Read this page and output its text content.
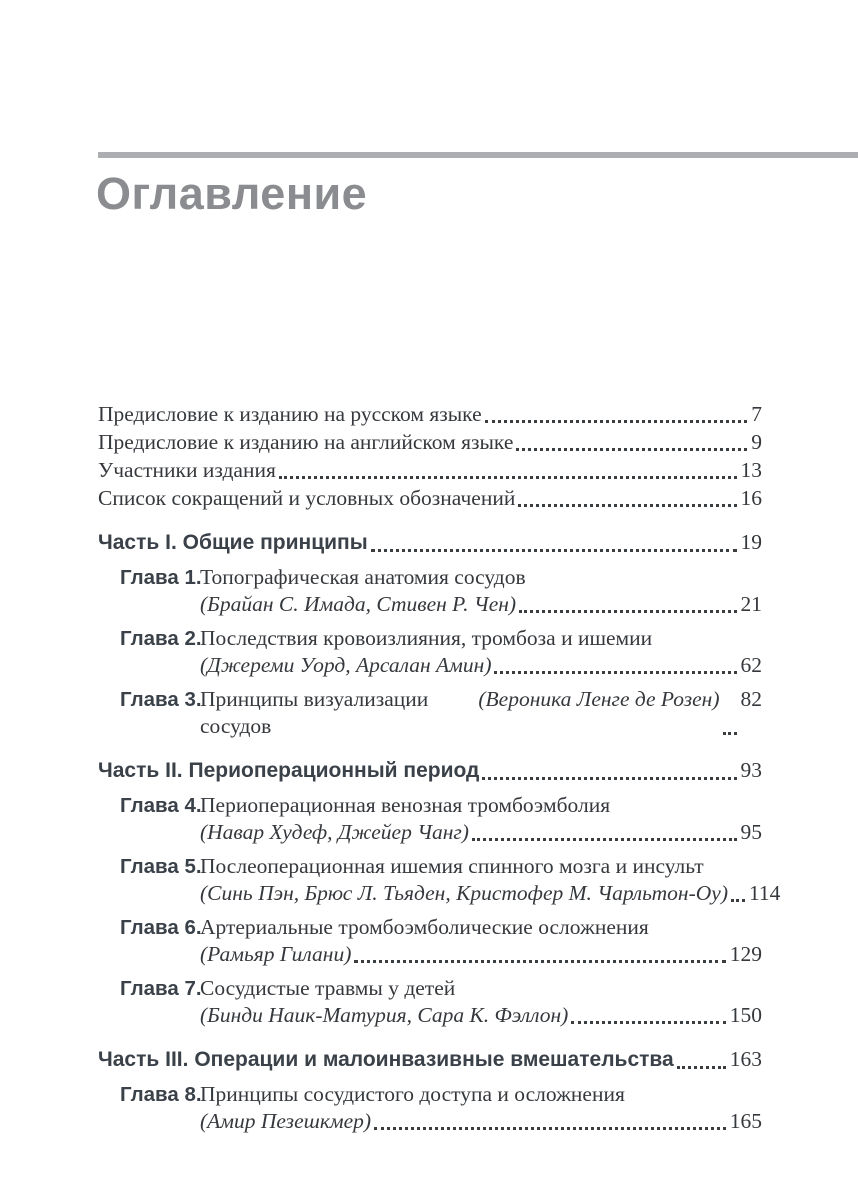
Оглавление
Предисловие к изданию на русском языке	7
Предисловие к изданию на английском языке	9
Участники издания	13
Список сокращений и условных обозначений	16
Часть I. Общие принципы	19
Глава 1.Топографическая анатомия сосудов
(Брайан С. Имада, Стивен Р. Чен)	21
Глава 2.Последствия кровоизлияния, тромбоза и ишемии
(Джереми Уорд, Арсалан Амин)	62
Глава 3.
Принципы визуализации сосудов
(Вероника Ленге де Розен) 82
Часть II. Периоперационный период	93
Глава 4.Периоперационная венозная тромбоэмболия
(Навар Худеф, Джейер Чанг)	95
Глава 5.Послеоперационная ишемия спинного мозга и инсульт
(Синь Пэн, Брюс Л. Тьяден, Кристофер М. Чарльтон-Оу) 114
Глава 6.Артериальные тромбоэмболические осложнения
(Рамьяр Гилани)	129
Глава 7.Сосудистые травмы у детей
(Бинди Наик-Матурия, Сара К. Фэллон)	150
Часть III. Операции и малоинвазивные вмешательства	163
Глава 8.Принципы сосудистого доступа и осложнения
(Амир Пезешкмер)	165
